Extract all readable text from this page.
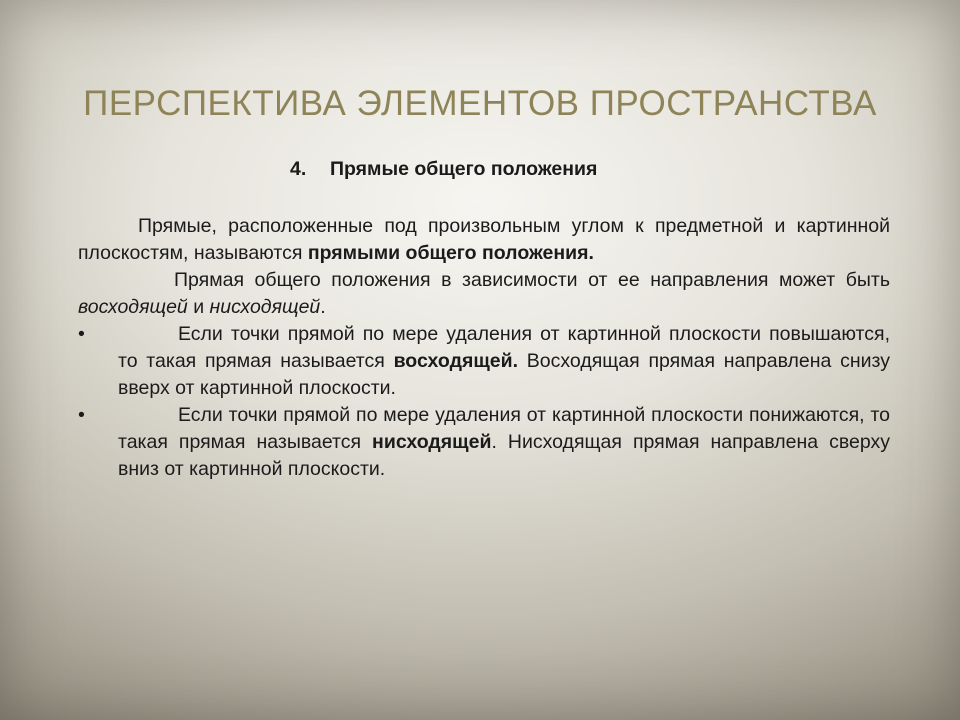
ПЕРСПЕКТИВА ЭЛЕМЕНТОВ ПРОСТРАНСТВА
4. Прямые общего положения
Прямые, расположенные под произвольным углом к предметной и картинной плоскостям, называются прямыми общего положения.
Прямая общего положения в зависимости от ее направления может быть восходящей и нисходящей.
•	Если точки прямой по мере удаления от картинной плоскости повышаются, то такая прямая называется восходящей. Восходящая прямая направлена снизу вверх от картинной плоскости.
•	Если точки прямой по мере удаления от картинной плоскости понижаются, то такая прямая называется нисходящей. Нисходящая прямая направлена сверху вниз от картинной плоскости.
